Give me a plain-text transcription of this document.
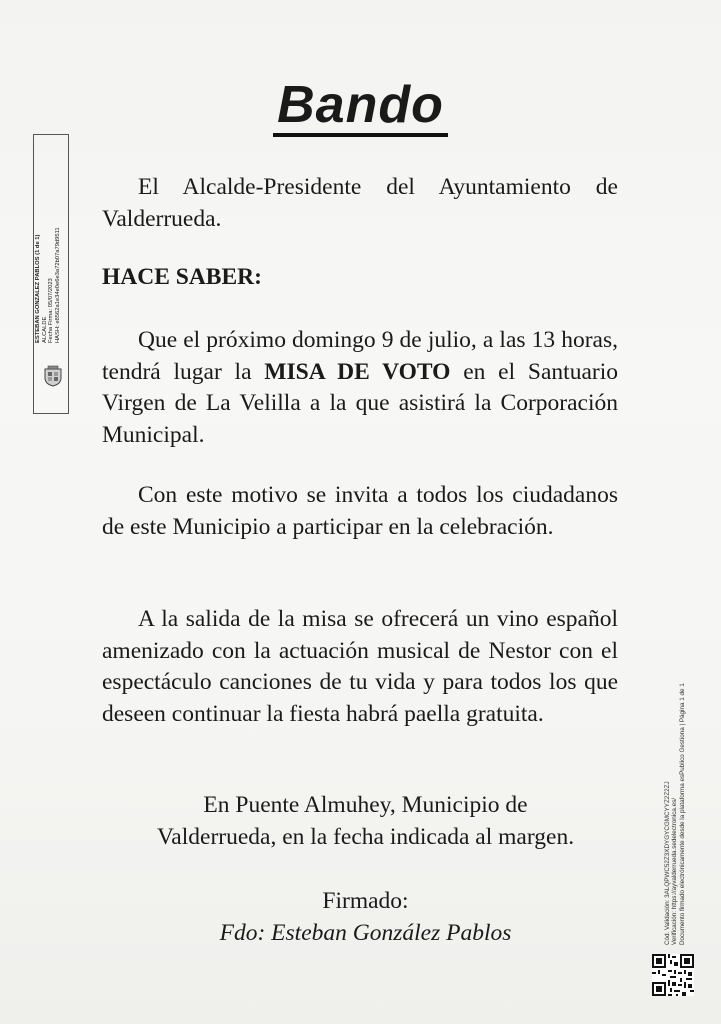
Bando
ESTEBAN GONZALEZ PABLOS (1 de 1) ALCALDE Fecha Firma: 05/07/2023 HASH: e8562a1e34e0e6e3a72b07a79d9511

El Alcalde-Presidente del Ayuntamiento de Valderrueda.

HACE SABER:

Que el próximo domingo 9 de julio, a las 13 horas, tendrá lugar la MISA DE VOTO en el Santuario Virgen de La Velilla a la que asistirá la Corporación Municipal.

Con este motivo se invita a todos los ciudadanos de este Municipio a participar en la celebración.

A la salida de la misa se ofrecerá un vino español amenizado con la actuación musical de Nestor con el espectáculo canciones de tu vida y para todos los que deseen continuar la fiesta habrá paella gratuita.

En Puente Almuhey, Municipio de
Valderrueda, en la fecha indicada al margen.
Firmado:
Fdo: Esteban González Pablos	Cód. Validación: 3ALQPWC52Z3XDYGYCGMCYYZ2Z2ZJ Verificación: https://ayvalderrueda.sedelectronica.es/ Documento firmado electrónicamente desde la plataforma esPublico Gestiona | Página 1 de 1
